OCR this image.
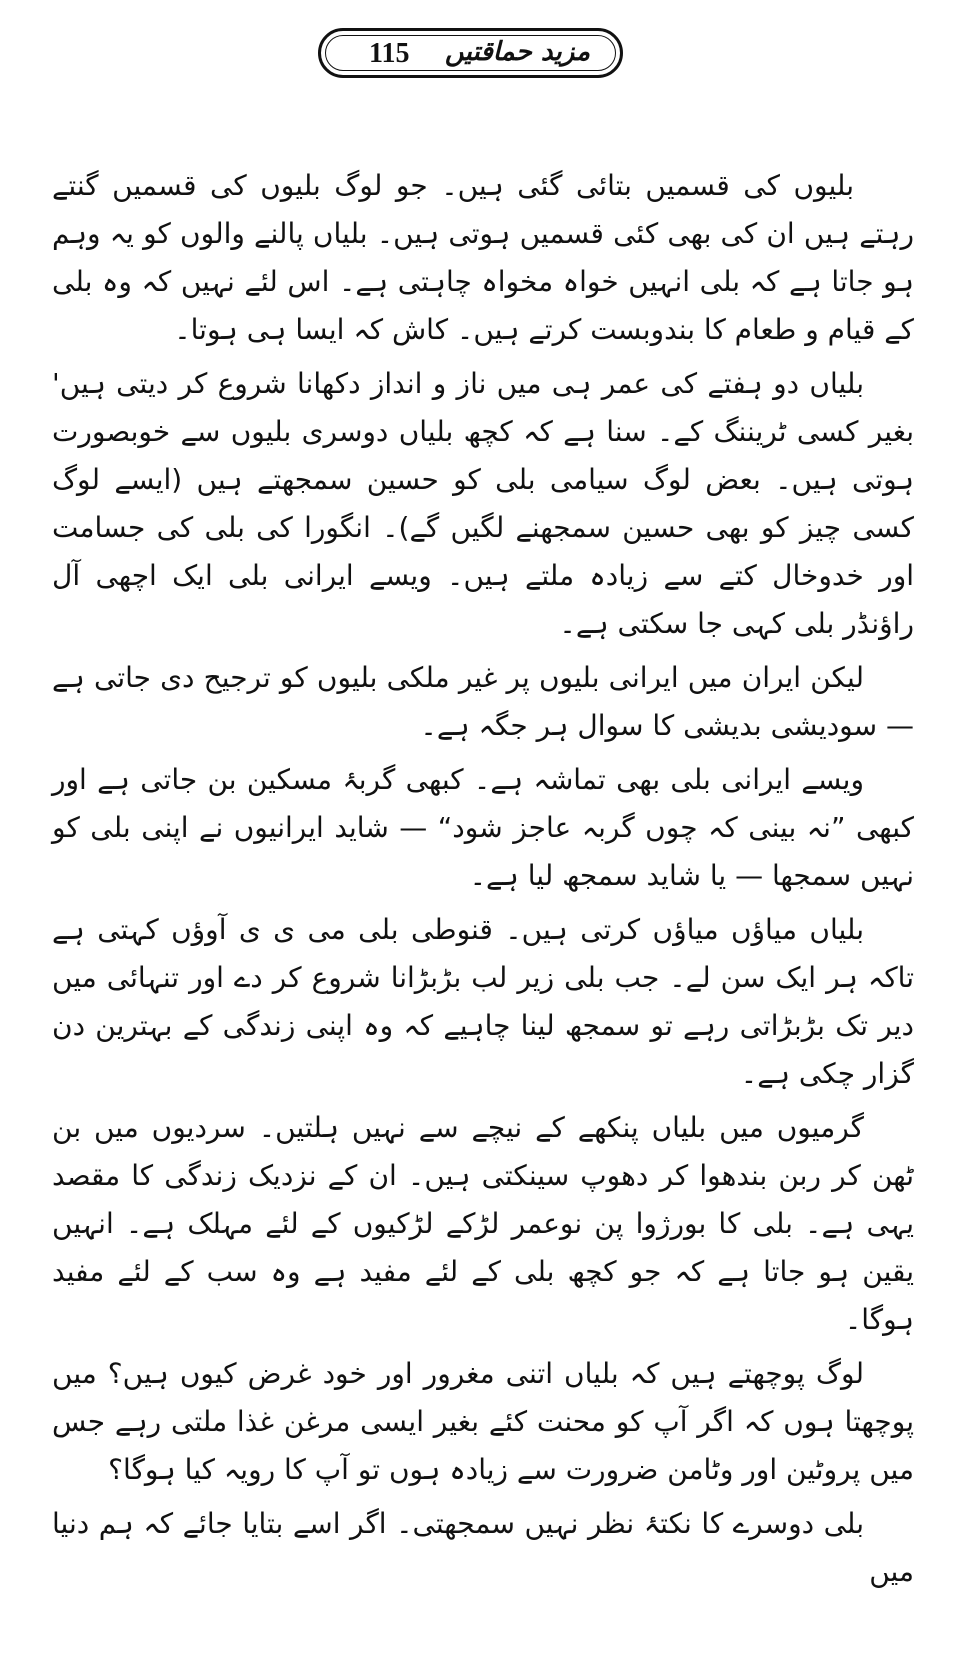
115 مزید حماقتیں

بلیوں کی قسمیں بتائی گئی ہیں۔ جو لوگ بلیوں کی قسمیں گنتے رہتے ہیں ان کی بھی کئی قسمیں ہوتی ہیں۔ بلیاں پالنے والوں کو یہ وہم ہو جاتا ہے کہ بلی انہیں خواہ مخواہ چاہتی ہے۔ اس لئے نہیں کہ وہ بلی کے قیام و طعام کا بندوبست کرتے ہیں۔ کاش کہ ایسا ہی ہوتا۔

بلیاں دو ہفتے کی عمر ہی میں ناز و انداز دکھانا شروع کر دیتی ہیں' بغیر کسی ٹریننگ کے۔ سنا ہے کہ کچھ بلیاں دوسری بلیوں سے خوبصورت ہوتی ہیں۔ بعض لوگ سیامی بلی کو حسین سمجھتے ہیں (ایسے لوگ کسی چیز کو بھی حسین سمجھنے لگیں گے)۔ انگورا کی بلی کی جسامت اور خدوخال کتے سے زیادہ ملتے ہیں۔ ویسے ایرانی بلی ایک اچھی آل راؤنڈر بلی کہی جا سکتی ہے۔

لیکن ایران میں ایرانی بلیوں پر غیر ملکی بلیوں کو ترجیح دی جاتی ہے — سودیشی بدیشی کا سوال ہر جگہ ہے۔

ویسے ایرانی بلی بھی تماشہ ہے۔ کبھی گربۂ مسکین بن جاتی ہے اور کبھی ”نہ بینی کہ چوں گربہ عاجز شود“ — شاید ایرانیوں نے اپنی بلی کو نہیں سمجھا — یا شاید سمجھ لیا ہے۔

بلیاں میاؤں میاؤں کرتی ہیں۔ قنوطی بلی می ی ی آوؤں کہتی ہے تاکہ ہر ایک سن لے۔ جب بلی زیر لب بڑبڑانا شروع کر دے اور تنہائی میں دیر تک بڑبڑاتی رہے تو سمجھ لینا چاہیے کہ وہ اپنی زندگی کے بہترین دن گزار چکی ہے۔

گرمیوں میں بلیاں پنکھے کے نیچے سے نہیں ہلتیں۔ سردیوں میں بن ٹھن کر ربن بندھوا کر دھوپ سینکتی ہیں۔ ان کے نزدیک زندگی کا مقصد یہی ہے۔ بلی کا بورژوا پن نوعمر لڑکے لڑکیوں کے لئے مہلک ہے۔ انہیں یقین ہو جاتا ہے کہ جو کچھ بلی کے لئے مفید ہے وہ سب کے لئے مفید ہوگا۔

لوگ پوچھتے ہیں کہ بلیاں اتنی مغرور اور خود غرض کیوں ہیں؟ میں پوچھتا ہوں کہ اگر آپ کو محنت کئے بغیر ایسی مرغن غذا ملتی رہے جس میں پروٹین اور وٹامن ضرورت سے زیادہ ہوں تو آپ کا رویہ کیا ہوگا؟

بلی دوسرے کا نکتۂ نظر نہیں سمجھتی۔ اگر اسے بتایا جائے کہ ہم دنیا میں
